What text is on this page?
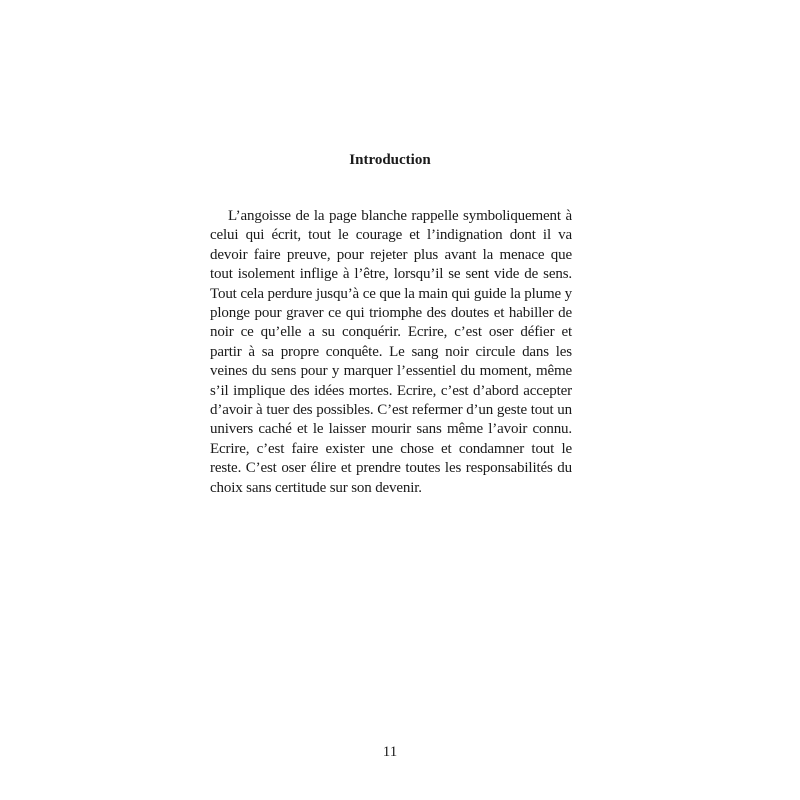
Introduction

L’angoisse de la page blanche rappelle symboliquement à celui qui écrit, tout le courage et l’indignation dont il va devoir faire preuve, pour rejeter plus avant la menace que tout isolement inflige à l’être, lorsqu’il se sent vide de sens. Tout cela perdure jusqu’à ce que la main qui guide la plume y plonge pour graver ce qui triomphe des doutes et habiller de noir ce qu’elle a su conquérir. Ecrire, c’est oser défier et partir à sa propre conquête. Le sang noir circule dans les veines du sens pour y marquer l’essentiel du moment, même s’il implique des idées mortes. Ecrire, c’est d’abord accepter d’avoir à tuer des possibles. C’est refermer d’un geste tout un univers caché et le laisser mourir sans même l’avoir connu. Ecrire, c’est faire exister une chose et condamner tout le reste. C’est oser élire et prendre toutes les responsabilités du choix sans certitude sur son devenir.

11
